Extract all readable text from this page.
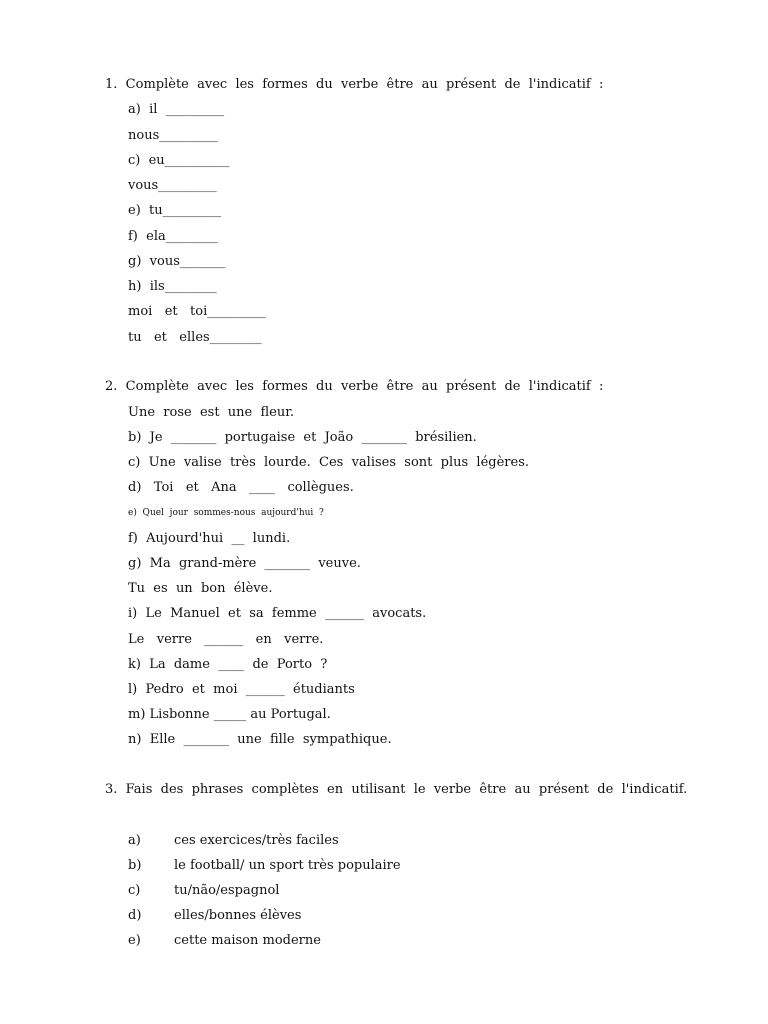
1.  Complète  avec  les  formes  du  verbe  être  au  présent  de  l'indicatif  :
a)  il  _________
nous_________
c)  eu__________
vous_________
e)  tu_________
f)  ela________
g)  vous_______
h)  ils________
moi   et   toi_________
tu   et   elles________
2.  Complète  avec  les  formes  du  verbe  être  au  présent  de  l'indicatif  :
Une  rose  est  une  fleur.
b)  Je  _______  portugaise  et  João  _______  brésilien.
c)  Une  valise  très  lourde.  Ces  valises  sont  plus  légères.
d)   Toi   et   Ana   ____   collègues.
e)  Quel  jour  sommes-nous  aujourd'hui  ?
f)  Aujourd'hui  __  lundi.
g)  Ma  grand-mère  _______  veuve.
Tu  es  un  bon  élève.
i)  Le  Manuel  et  sa  femme  ______  avocats.
Le   verre   ______   en   verre.
k)  La  dame  ____  de  Porto  ?
l)  Pedro  et  moi  ______  étudiants
m) Lisbonne _____ au Portugal.
n)  Elle  _______  une  fille  sympathique.
3.  Fais  des  phrases  complètes  en  utilisant  le  verbe  être  au  présent  de  l'indicatif.
a)	ces exercices/très faciles
b)	le football/ un sport très populaire
c)	tu/não/espagnol
d)	elles/bonnes élèves
e)	cette maison moderne
